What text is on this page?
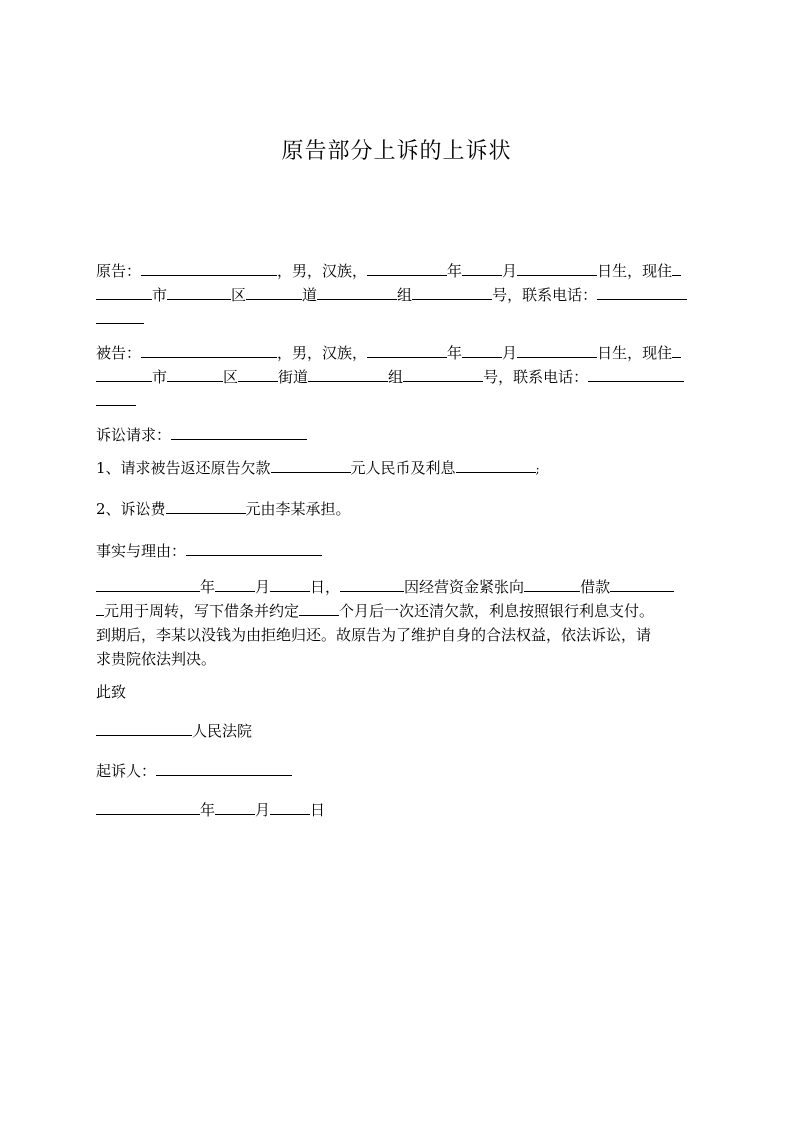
原告部分上诉的上诉状
原告：	，男，汉族，	年	月	日生，现住
市	区	道	组	号，联系电话：
被告：	，男，汉族，	年	月	日生，现住
市	区	街道	组	号，联系电话：
诉讼请求：
1、请求被告返还原告欠款	元人民币及利息	;
2、诉讼费	元由李某承担。
事实与理由：
年	月	日，	因经营资金紧张向	借款
元用于周转，写下借条并约定	个月后一次还清欠款，利息按照银行利息支付。
到期后，李某以没钱为由拒绝归还。故原告为了维护自身的合法权益，依法诉讼，请
求贵院依法判决。
此致
人民法院
起诉人：
年	月	日
